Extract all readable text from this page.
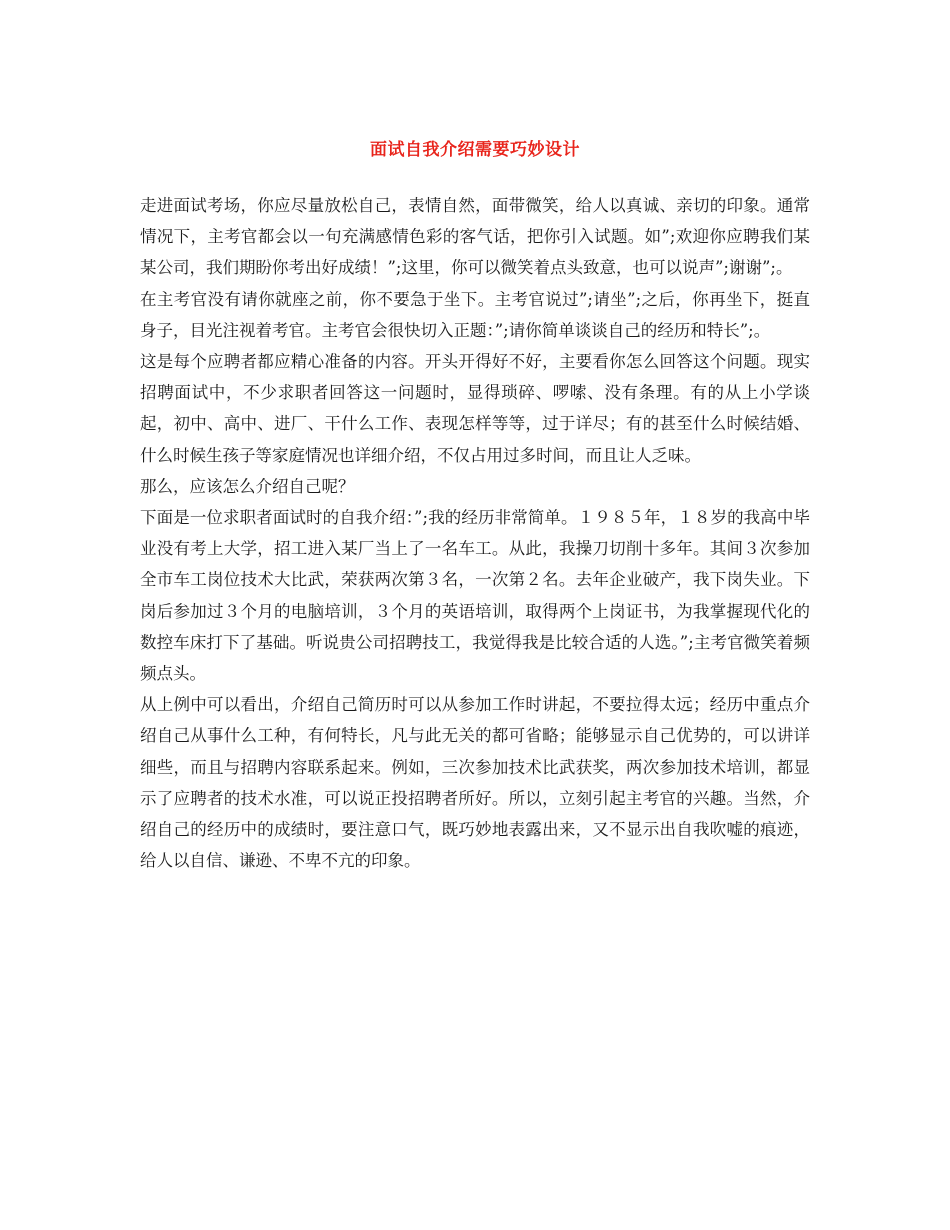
面试自我介绍需要巧妙设计

走进面试考场，你应尽量放松自己，表情自然，面带微笑，给人以真诚、亲切的印象。通常情况下，主考官都会以一句充满感情色彩的客气话，把你引入试题。如”;欢迎你应聘我们某某公司，我们期盼你考出好成绩！”;这里，你可以微笑着点头致意，也可以说声”;谢谢”;。

在主考官没有请你就座之前，你不要急于坐下。主考官说过”;请坐”;之后，你再坐下，挺直身子，目光注视着考官。主考官会很快切入正题：”;请你简单谈谈自己的经历和特长”;。

这是每个应聘者都应精心准备的内容。开头开得好不好，主要看你怎么回答这个问题。现实招聘面试中，不少求职者回答这一问题时，显得琐碎、啰嗦、没有条理。有的从上小学谈起，初中、高中、进厂、干什么工作、表现怎样等等，过于详尽；有的甚至什么时候结婚、什么时候生孩子等家庭情况也详细介绍，不仅占用过多时间，而且让人乏味。

那么，应该怎么介绍自己呢？

下面是一位求职者面试时的自我介绍：”;我的经历非常简单。１９８５年，１８岁的我高中毕业没有考上大学，招工进入某厂当上了一名车工。从此，我操刀切削十多年。其间３次参加全市车工岗位技术大比武，荣获两次第３名，一次第２名。去年企业破产，我下岗失业。下岗后参加过３个月的电脑培训，３个月的英语培训，取得两个上岗证书，为我掌握现代化的数控车床打下了基础。听说贵公司招聘技工，我觉得我是比较合适的人选。”;主考官微笑着频频点头。

从上例中可以看出，介绍自己简历时可以从参加工作时讲起，不要拉得太远；经历中重点介绍自己从事什么工种，有何特长，凡与此无关的都可省略；能够显示自己优势的，可以讲详细些，而且与招聘内容联系起来。例如，三次参加技术比武获奖，两次参加技术培训，都显示了应聘者的技术水准，可以说正投招聘者所好。所以，立刻引起主考官的兴趣。当然，介绍自己的经历中的成绩时，要注意口气，既巧妙地表露出来，又不显示出自我吹嘘的痕迹，给人以自信、谦逊、不卑不亢的印象。
